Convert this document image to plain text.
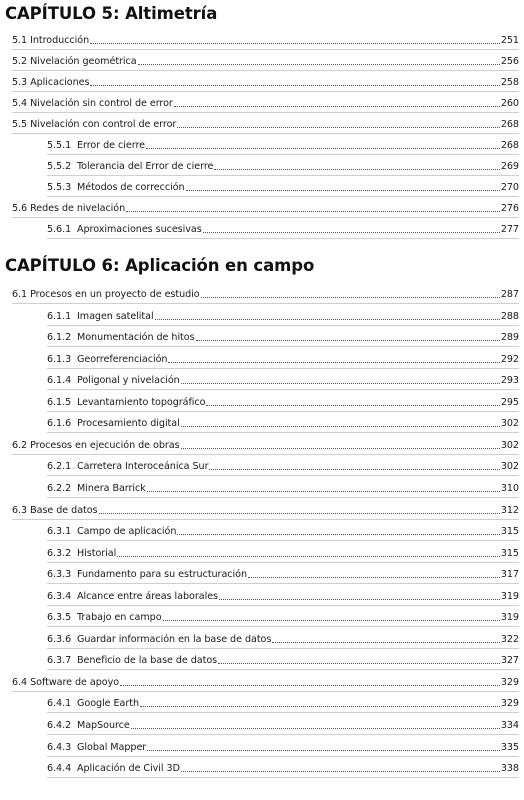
CAPÍTULO 5: Altimetría
5.1 Introducción	251
5.2 Nivelación geométrica	256
5.3 Aplicaciones	258
5.4 Nivelación sin control de error	260
5.5 Nivelación con control de error	268
5.5.1 Error de cierre	268
5.5.2 Tolerancia del Error de cierre	269
5.5.3 Métodos de corrección	270
5.6 Redes de nivelación	276
5.6.1 Aproximaciones sucesivas	277
CAPÍTULO 6: Aplicación en campo
6.1 Procesos en un proyecto de estudio	287
6.1.1 Imagen satelital	288
6.1.2 Monumentación de hitos	289
6.1.3 Georreferenciación	292
6.1.4 Poligonal y nivelación	293
6.1.5 Levantamiento topográfico	295
6.1.6 Procesamiento digital	302
6.2 Procesos en ejecución de obras	302
6.2.1 Carretera Interoceánica Sur	302
6.2.2 Minera Barrick	310
6.3 Base de datos	312
6.3.1 Campo de aplicación	315
6.3.2 Historial	315
6.3.3 Fundamento para su estructuración	317
6.3.4 Alcance entre áreas laborales	319
6.3.5 Trabajo en campo	319
6.3.6 Guardar información en la base de datos	322
6.3.7 Beneficio de la base de datos	327
6.4 Software de apoyo	329
6.4.1 Google Earth	329
6.4.2 MapSource	334
6.4.3 Global Mapper	335
6.4.4 Aplicación de Civil 3D	338
